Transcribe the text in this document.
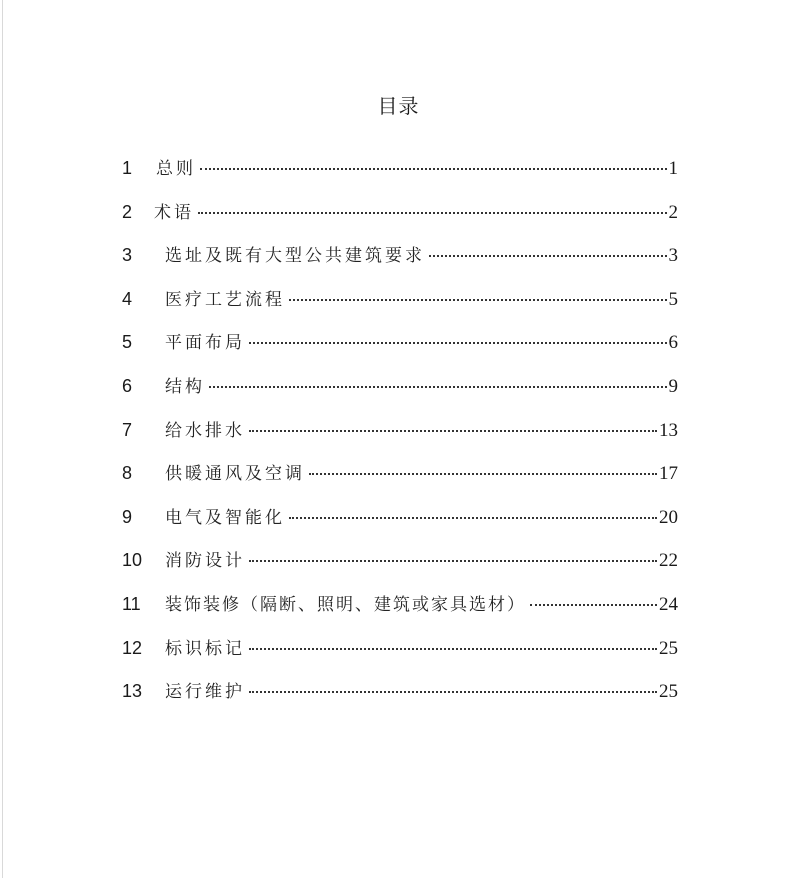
目录
1	总则	1
2	术语	2
3	选址及既有大型公共建筑要求	3
4	医疗工艺流程	5
5	平面布局	6
6	结构	9
7	给水排水	13
8	供暖通风及空调	17
9	电气及智能化	20
10	消防设计	22
11	装饰装修（隔断、照明、建筑或家具选材）	24
12	标识标记	25
13	运行维护	25
